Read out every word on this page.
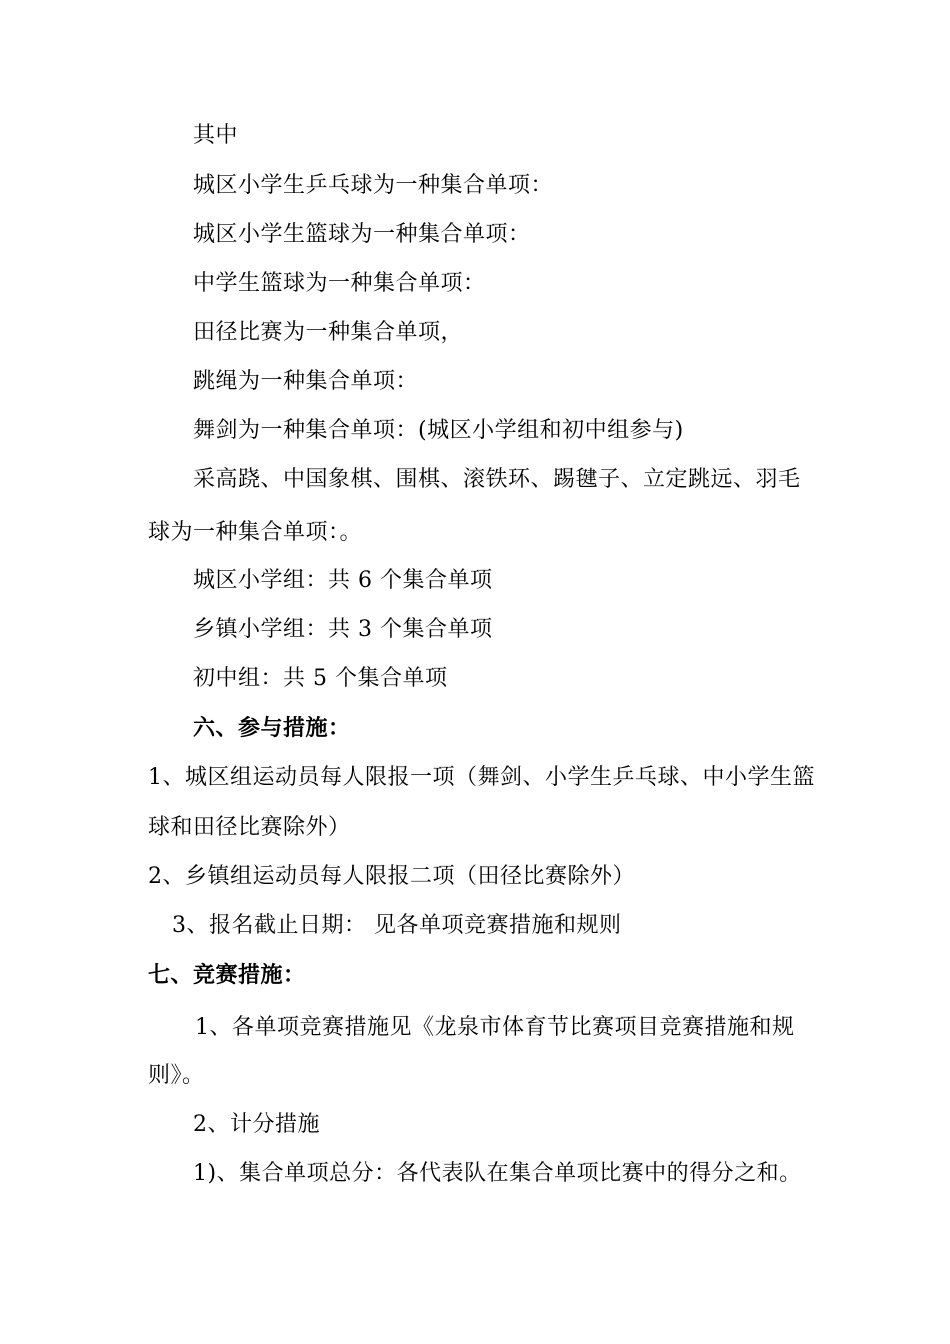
其中
城区小学生乒乓球为一种集合单项：
城区小学生篮球为一种集合单项：
中学生篮球为一种集合单项：
田径比赛为一种集合单项，
跳绳为一种集合单项：
舞剑为一种集合单项：(城区小学组和初中组参与)
采高跷、中国象棋、围棋、滚铁环、踢毽子、立定跳远、羽毛
球为一种集合单项：。
城区小学组：共 6 个集合单项
乡镇小学组：共 3 个集合单项
初中组：共 5 个集合单项
六、参与措施：
1、城区组运动员每人限报一项（舞剑、小学生乒乓球、中小学生篮
球和田径比赛除外）
2、乡镇组运动员每人限报二项（田径比赛除外）
3、报名截止日期： 见各单项竞赛措施和规则
七、竞赛措施：
1、各单项竞赛措施见《龙泉市体育节比赛项目竞赛措施和规
则》。
2、计分措施
1)、集合单项总分：各代表队在集合单项比赛中的得分之和。
